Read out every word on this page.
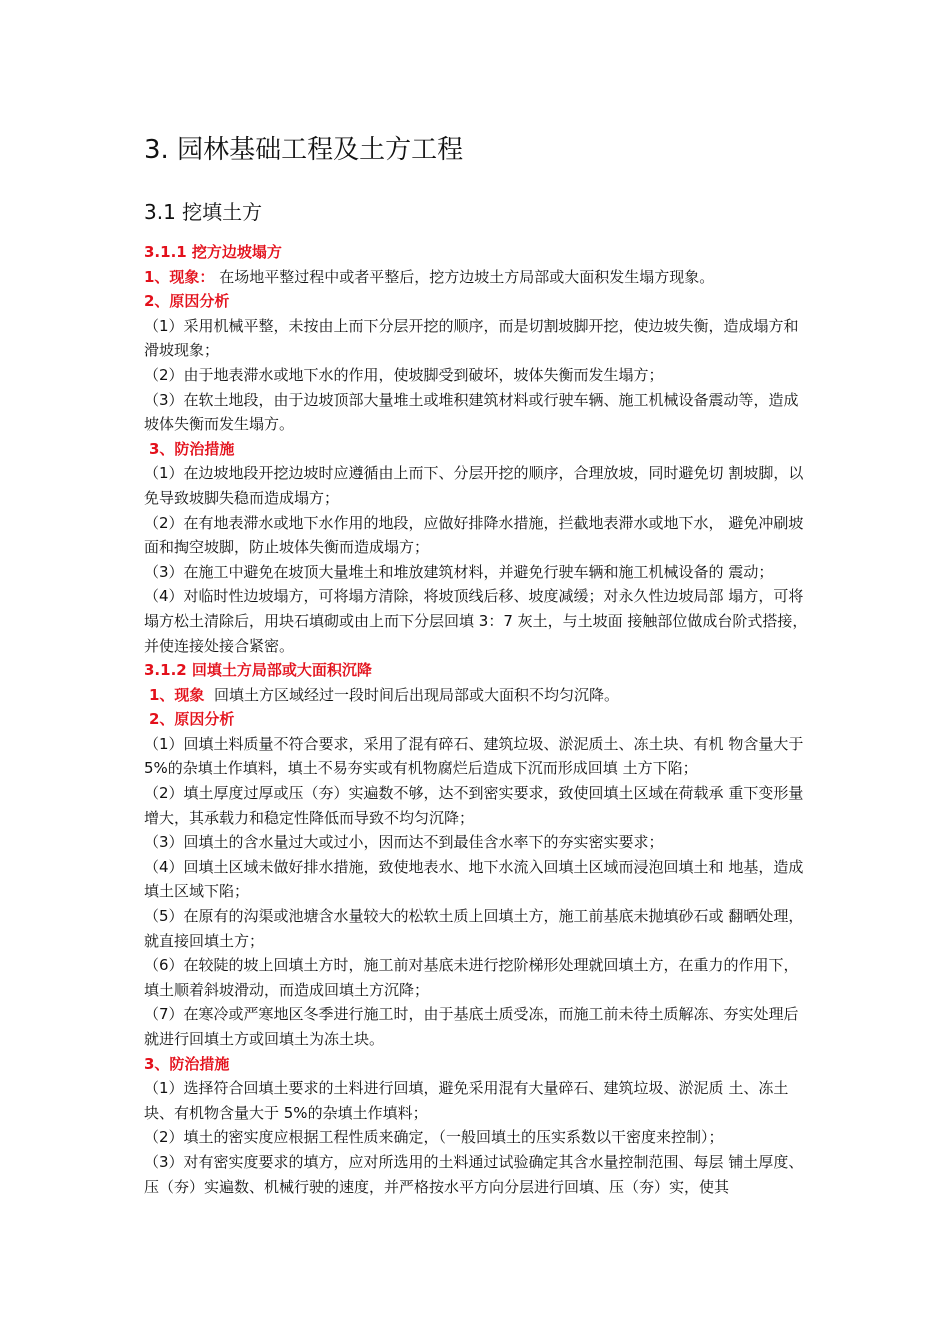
3. 园林基础工程及土方工程
3.1 挖填土方

3.1.1 挖方边坡塌方

1、现象： 在场地平整过程中或者平整后，挖方边坡土方局部或大面积发生塌方现象。

2、原因分析

（1）采用机械平整，未按由上而下分层开挖的顺序，而是切割坡脚开挖，使边坡失衡，造成塌方和滑坡现象；

（2）由于地表滞水或地下水的作用，使坡脚受到破坏，坡体失衡而发生塌方；

（3）在软土地段，由于边坡顶部大量堆土或堆积建筑材料或行驶车辆、施工机械设备震动等，造成坡体失衡而发生塌方。

3、防治措施

（1）在边坡地段开挖边坡时应遵循由上而下、分层开挖的顺序，合理放坡，同时避免切 割坡脚，以免导致坡脚失稳而造成塌方；

（2）在有地表滞水或地下水作用的地段，应做好排降水措施，拦截地表滞水或地下水， 避免冲刷坡面和掏空坡脚，防止坡体失衡而造成塌方；

（3）在施工中避免在坡顶大量堆土和堆放建筑材料，并避免行驶车辆和施工机械设备的 震动；

（4）对临时性边坡塌方，可将塌方清除，将坡顶线后移、坡度减缓；对永久性边坡局部 塌方，可将塌方松土清除后，用块石填砌或由上而下分层回填 3：7 灰土，与土坡面 接触部位做成台阶式搭接，并使连接处接合紧密。

3.1.2 回填土方局部或大面积沉降

1、现象  回填土方区域经过一段时间后出现局部或大面积不均匀沉降。

2、原因分析

（1）回填土料质量不符合要求，采用了混有碎石、建筑垃圾、淤泥质土、冻土块、有机 物含量大于 5%的杂填土作填料，填土不易夯实或有机物腐烂后造成下沉而形成回填 土方下陷；

（2）填土厚度过厚或压（夯）实遍数不够，达不到密实要求，致使回填土区域在荷载承 重下变形量增大，其承载力和稳定性降低而导致不均匀沉降；

（3）回填土的含水量过大或过小，因而达不到最佳含水率下的夯实密实要求；

（4）回填土区域未做好排水措施，致使地表水、地下水流入回填土区域而浸泡回填土和 地基，造成填土区域下陷；

（5）在原有的沟渠或池塘含水量较大的松软土质上回填土方，施工前基底未抛填砂石或 翻晒处理，就直接回填土方；

（6）在较陡的坡上回填土方时，施工前对基底未进行挖阶梯形处理就回填土方，在重力的作用下，填土顺着斜坡滑动，而造成回填土方沉降；

（7）在寒冷或严寒地区冬季进行施工时，由于基底土质受冻，而施工前未待土质解冻、夯实处理后就进行回填土方或回填土为冻土块。

3、防治措施

（1）选择符合回填土要求的土料进行回填，避免采用混有大量碎石、建筑垃圾、淤泥质 土、冻土块、有机物含量大于 5%的杂填土作填料；

（2）填土的密实度应根据工程性质来确定，（一般回填土的压实系数以干密度来控制）；

（3）对有密实度要求的填方，应对所选用的土料通过试验确定其含水量控制范围、每层 铺土厚度、压（夯）实遍数、机械行驶的速度，并严格按水平方向分层进行回填、压（夯）实，使其
